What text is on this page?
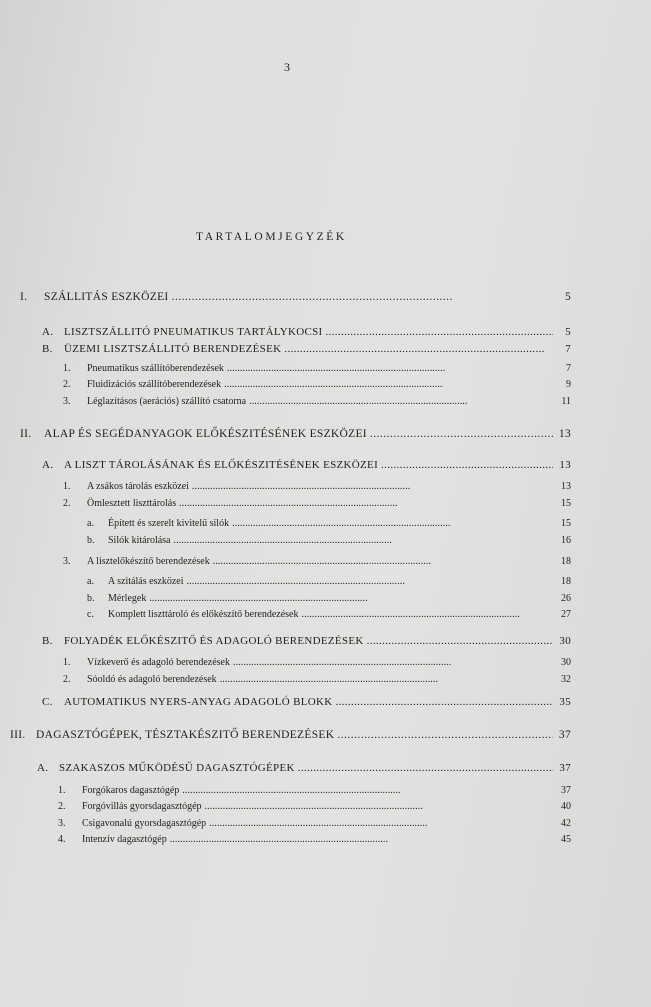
3
TARTALOMJEGYZÉK
I.	SZÁLLITÁS ESZKÖZEI . . .	5
A. LISZTSZÁLLITÓ PNEUMATIKUS TARTÁLYKOCSI . . .	5
B.	ÜZEMI LISZTSZÁLLITÓ BERENDEZÉSEK . . .	7
1.	Pneumatikus szállítóberendezések . . .	7
2.	Fluidizációs szállítóberendezések . . .	9
3.	Léglazításos (aerációs) szállító csatorna . . .	11
II.	ALAP ÉS SEGÉDANYAGOK ELŐKÉSZITÉSÉNEK ESZKÖZEI . . .	13
A. A LISZT TÁROLÁSÁNAK ÉS ELŐKÉSZITÉSÉNEK ESZKÖZEI . . .	13
1.	A zsákos tárolás eszközei . . .	13
2.	Ömlesztett liszttárolás . . .	15
a.	Épített és szerelt kivitelű silók . . .	15
b.	Silók kitárolása . . .	16
3.	A lisztelőkészítő berendezések . . .	18
a.	A szitálás eszközei . . .	18
b.	Mérlegek . . .	26
c.	Komplett liszttároló és előkészítő berendezések . . .	27
B.	FOLYADÉK ELŐKÉSZITŐ ÉS ADAGOLÓ BERENDEZÉSEK . . .	30
1.	Vízkeverő és adagoló berendezések . . .	30
2.	Sóoldó és adagoló berendezések . . .	32
C.	AUTOMATIKUS NYERS-ANYAG ADAGOLÓ BLOKK . . .	35
III. DAGASZTÓGÉPEK, TÉSZTAKÉSZITŐ BERENDEZÉSEK . . .	37
A. SZAKASZOS MŰKÖDÉSŰ DAGASZTÓGÉPEK . . .	37
1.	Forgókaros dagasztógép . . .	37
2.	Forgóvillás gyorsdagasztógép . . .	40
3.	Csigavonalú gyorsdagasztógép . . .	42
4.	Intenzív dagasztógép . . .	45
